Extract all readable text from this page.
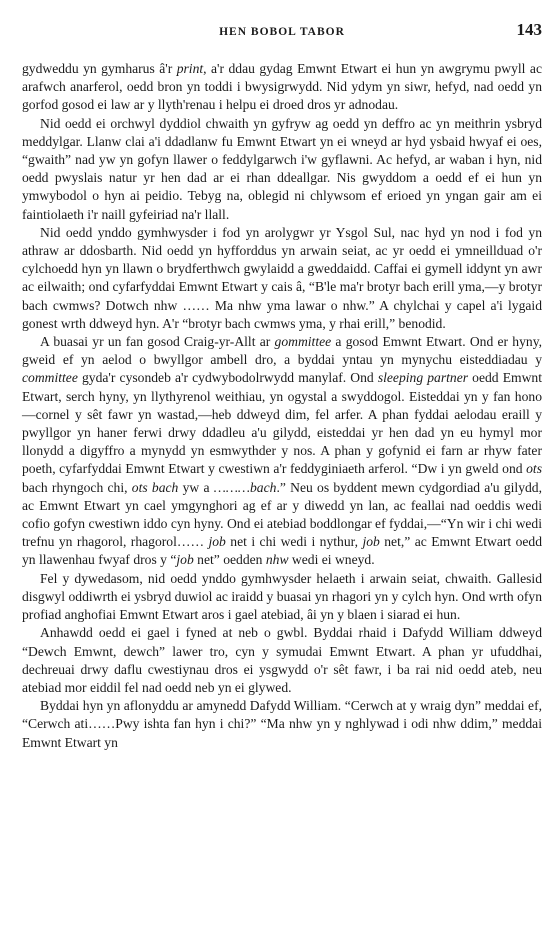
HEN BOBOL TABOR	143

gydweddu yn gymharus â'r print, a'r ddau gydag Emwnt Etwart ei hun yn awgrymu pwyll ac arafwch anarferol, oedd bron yn toddi i bwysigrwydd. Nid ydym yn siwr, hefyd, nad oedd yn gorfod gosod ei law ar y llyth'renau i helpu ei droed dros yr adnodau.

Nid oedd ei orchwyl dyddiol chwaith yn gyfryw ag oedd yn deffro ac yn meithrin ysbryd meddylgar. Llanw clai a'i ddadlanw fu Emwnt Etwart yn ei wneyd ar hyd ysbaid hwyaf ei oes, “gwaith” nad yw yn gofyn llawer o feddylgarwch i'w gyflawni. Ac hefyd, ar waban i hyn, nid oedd pwyslais natur yr hen dad ar ei rhan ddeallgar. Nis gwyddom a oedd ef ei hun yn ymwybodol o hyn ai peidio. Tebyg na, oblegid ni chlywsom ef erioed yn yngan gair am ei faintiolaeth i'r naill gyfeiriad na'r llall.

Nid oedd ynddo gymhwysder i fod yn arolygwr yr Ysgol Sul, nac hyd yn nod i fod yn athraw ar ddosbarth. Nid oedd yn hyfforddus yn arwain seiat, ac yr oedd ei ymneillduad o'r cylchoedd hyn yn llawn o brydferthwch gwylaidd a gweddaidd. Caffai ei gymell iddynt yn awr ac eilwaith; ond cyfarfyddai Emwnt Etwart y cais â, “B'le ma'r brotyr bach erill yma,—y brotyr bach cwmws? Dotwch nhw …… Ma nhw yma lawar o nhw.” A chylchai y capel a'i lygaid gonest wrth ddweyd hyn. A'r “brotyr bach cwmws yma, y rhai erill,” benodid.

A buasai yr un fan gosod Craig-yr-Allt ar gommittee a gosod Emwnt Etwart. Ond er hyny, gweid ef yn aelod o bwyllgor ambell dro, a byddai yntau yn mynychu eisteddiadau y committee gyda'r cysondeb a'r cydwybodolrwydd manylaf. Ond sleeping partner oedd Emwnt Etwart, serch hyny, yn llythyrenol weithiau, yn ogystal a swyddogol. Eisteddai yn y fan hono—cornel y sêt fawr yn wastad,—heb ddweyd dim, fel arfer. A phan fyddai aelodau eraill y pwyllgor yn haner ferwi drwy ddadleu a'u gilydd, eisteddai yr hen dad yn eu hymyl mor llonydd a digyffro a mynydd yn esmwythder y nos. A phan y gofynid ei farn ar rhyw fater poeth, cyfarfyddai Emwnt Etwart y cwestiwn a'r feddyginiaeth arferol. “Dw i yn gweld ond ots bach rhyngoch chi, ots bach yw a ………bach.” Neu os byddent mewn cydgordiad a'u gilydd, ac Emwnt Etwart yn cael ymgynghori ag ef ar y diwedd yn lan, ac feallai nad oeddis wedi cofio gofyn cwestiwn iddo cyn hyny. Ond ei atebiad boddlongar ef fyddai,—“Yn wir i chi wedi trefnu yn rhagorol, rhagorol…… job net i chi wedi i nythur, job net,” ac Emwnt Etwart oedd yn llawenhau fwyaf dros y “job net” oedden nhw wedi ei wneyd.

Fel y dywedasom, nid oedd ynddo gymhwysder helaeth i arwain seiat, chwaith. Gallesid disgwyl oddiwrth ei ysbryd duwiol ac iraidd y buasai yn rhagori yn y cylch hyn. Ond wrth ofyn profiad anghofiai Emwnt Etwart aros i gael atebiad, âi yn y blaen i siarad ei hun.

Anhawdd oedd ei gael i fyned at neb o gwbl. Byddai rhaid i Dafydd William ddweyd “Dewch Emwnt, dewch” lawer tro, cyn y symudai Emwnt Etwart. A phan yr ufuddhai, dechreuai drwy daflu cwestiynau dros ei ysgwydd o'r sêt fawr, i ba rai nid oedd ateb, neu atebiad mor eiddil fel nad oedd neb yn ei glywed.

Byddai hyn yn aflonyddu ar amynedd Dafydd William. “Cerwch at y wraig dyn” meddai ef, “Cerwch ati……Pwy ishta fan hyn i chi?” “Ma nhw yn y nghlywad i odi nhw ddim,” meddai Emwnt Etwart yn
